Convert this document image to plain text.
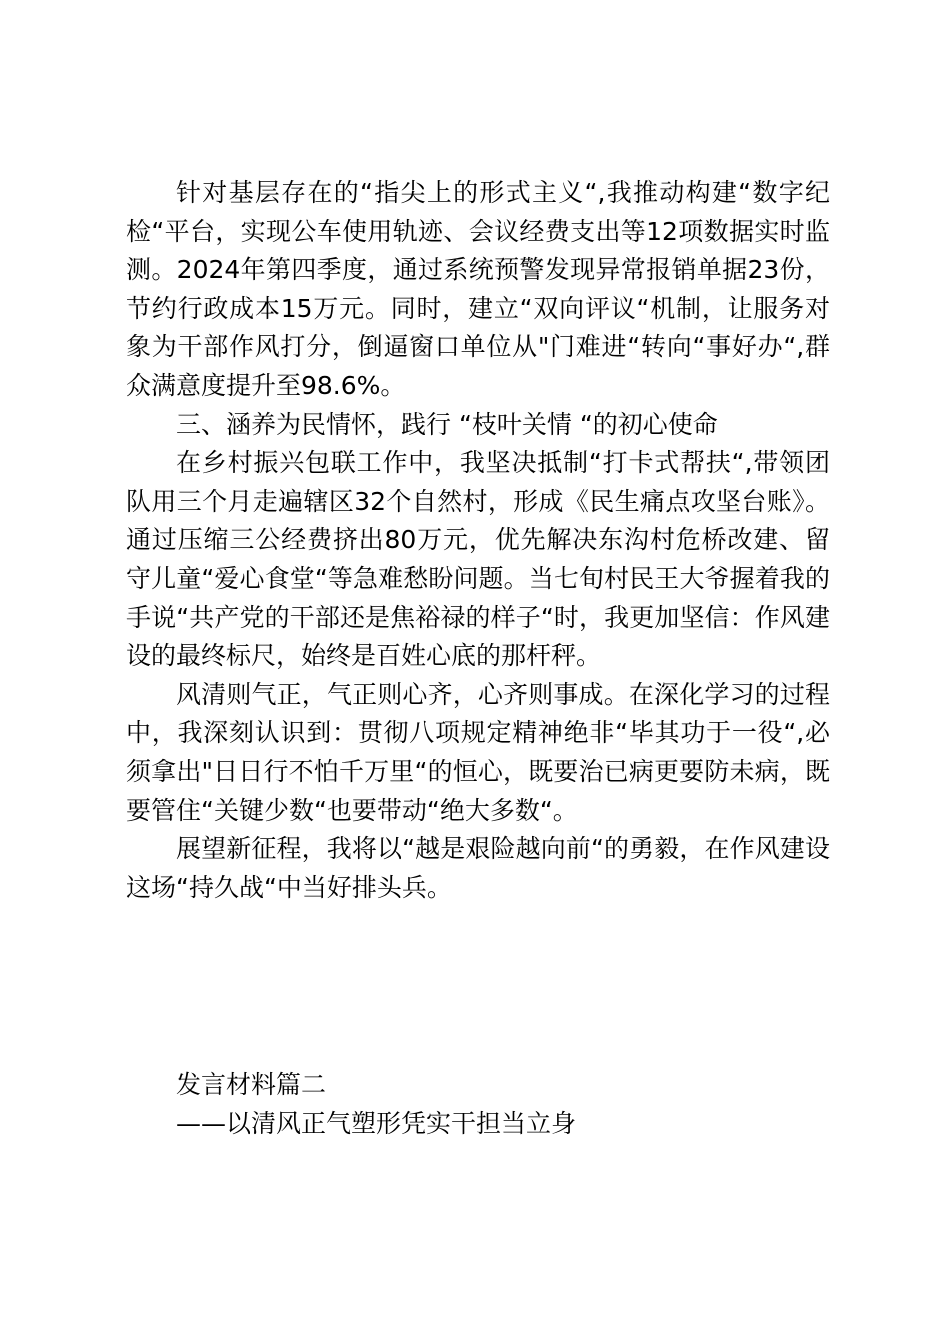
针对基层存在的“指尖上的形式主义“,我推动构建“数字纪检“平台，实现公车使用轨迹、会议经费支出等12项数据实时监测。2024年第四季度，通过系统预警发现异常报销单据23份，节约行政成本15万元。同时，建立“双向评议“机制，让服务对象为干部作风打分，倒逼窗口单位从"门难进“转向“事好办“,群众满意度提升至98.6%。

三、涵养为民情怀，践行 “枝叶关情 “的初心使命

在乡村振兴包联工作中，我坚决抵制“打卡式帮扶“,带领团队用三个月走遍辖区32个自然村，形成《民生痛点攻坚台账》。通过压缩三公经费挤出80万元，优先解决东沟村危桥改建、留守儿童“爱心食堂“等急难愁盼问题。当七旬村民王大爷握着我的手说“共产党的干部还是焦裕禄的样子“时，我更加坚信：作风建设的最终标尺，始终是百姓心底的那杆秤。

风清则气正，气正则心齐，心齐则事成。在深化学习的过程中，我深刻认识到：贯彻八项规定精神绝非“毕其功于一役“,必须拿出"日日行不怕千万里“的恒心，既要治已病更要防未病，既要管住“关键少数“也要带动“绝大多数“。

展望新征程，我将以“越是艰险越向前“的勇毅，在作风建设这场“持久战“中当好排头兵。

发言材料篇二

——以清风正气塑形凭实干担当立身
